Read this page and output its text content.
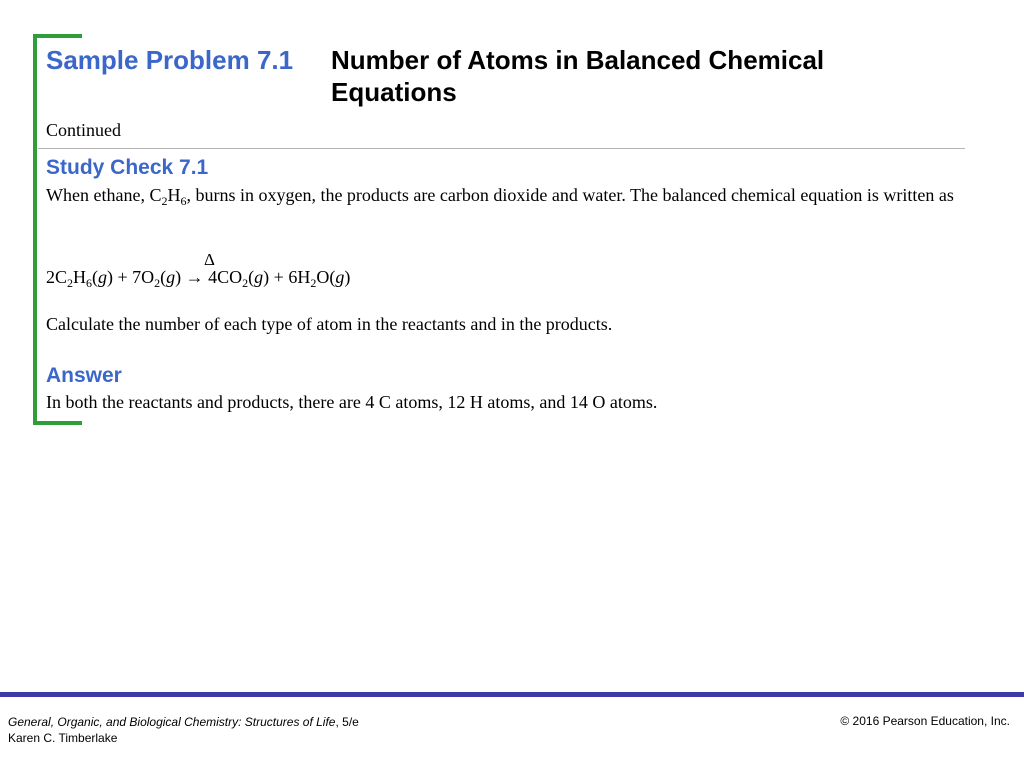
Sample Problem 7.1	Number of Atoms in Balanced Chemical Equations
Continued
Study Check 7.1
When ethane, $C_2H_6$, burns in oxygen, the products are carbon dioxide and water. The balanced chemical equation is written as
Δ
$2C_2H_6(g) + 7O_2(g) \to 4CO_2(g) + 6H_2O(g)$
Calculate the number of each type of atom in the reactants and in the products.
Answer
In both the reactants and products, there are 4 C atoms, 12 H atoms, and 14 O atoms.
General, Organic, and Biological Chemistry: Structures of Life, 5/e
Karen C. Timberlake
© 2016 Pearson Education, Inc.
